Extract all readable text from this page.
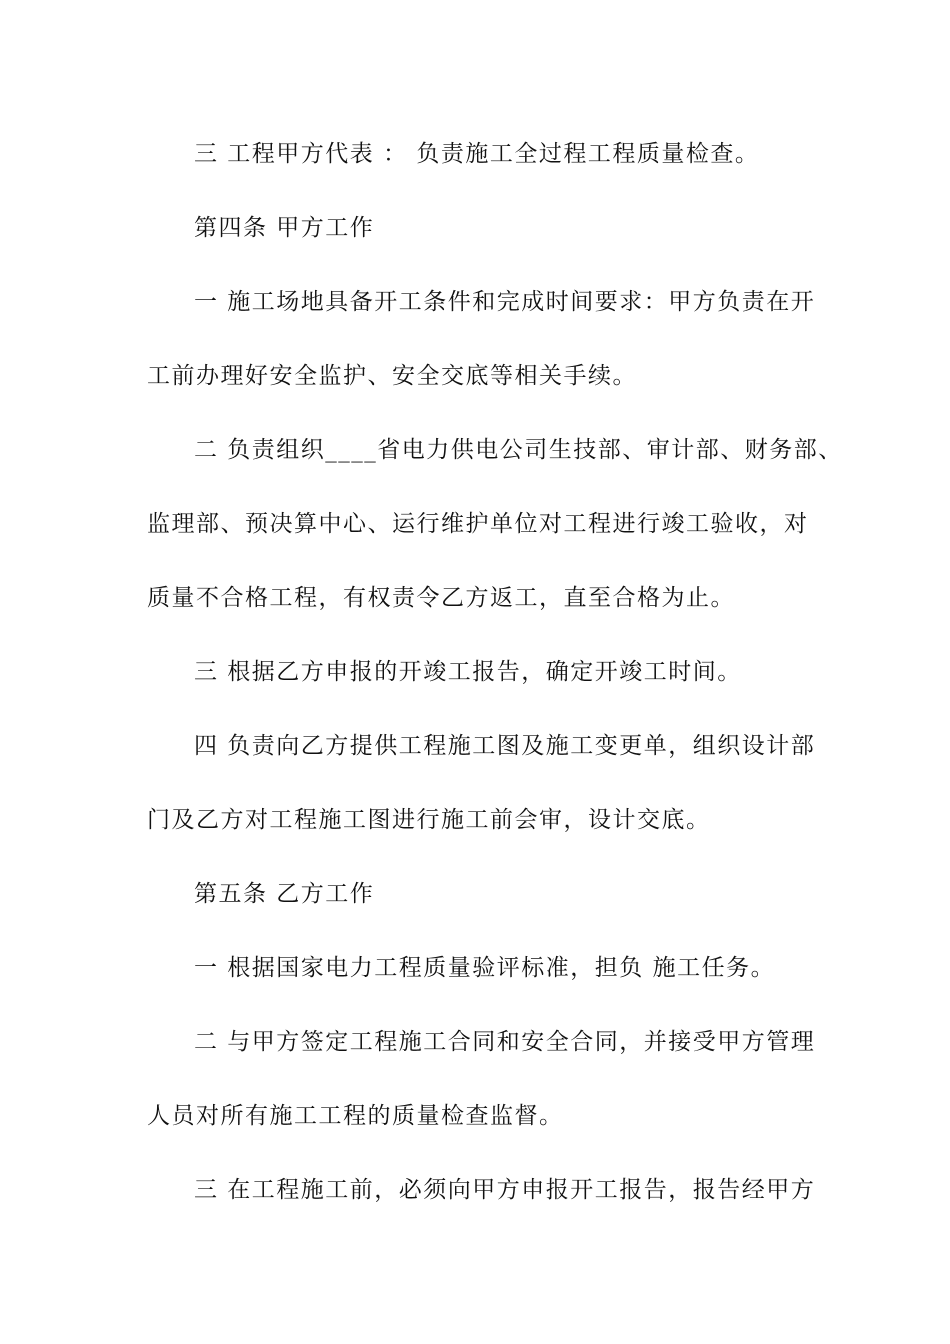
三 工程甲方代表 ： 负责施工全过程工程质量检查。
第四条 甲方工作
一 施工场地具备开工条件和完成时间要求：甲方负责在开
工前办理好安全监护、安全交底等相关手续。
二 负责组织____省电力供电公司生技部、审计部、财务部、
监理部、预决算中心、运行维护单位对工程进行竣工验收，对
质量不合格工程，有权责令乙方返工，直至合格为止。
三 根据乙方申报的开竣工报告，确定开竣工时间。
四 负责向乙方提供工程施工图及施工变更单，组织设计部
门及乙方对工程施工图进行施工前会审，设计交底。
第五条 乙方工作
一 根据国家电力工程质量验评标准，担负 施工任务。
二 与甲方签定工程施工合同和安全合同，并接受甲方管理
人员对所有施工工程的质量检查监督。
三 在工程施工前，必须向甲方申报开工报告，报告经甲方
